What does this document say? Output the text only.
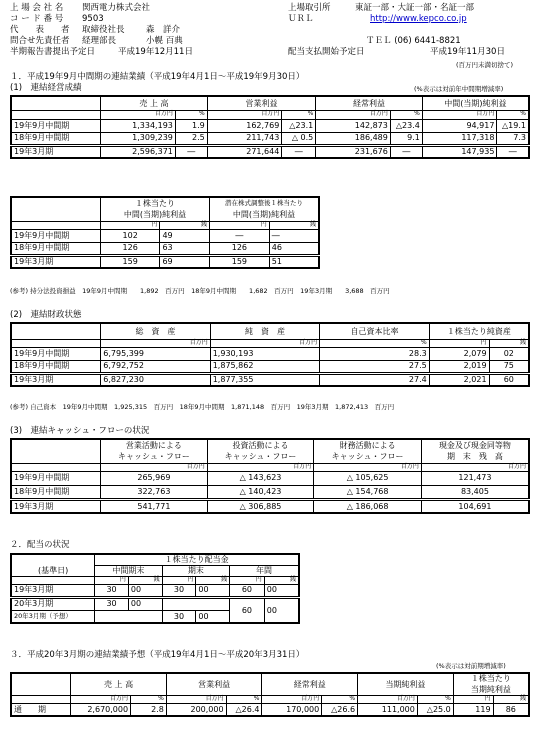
上 場 会 社 名 関西電力株式会社
コ ー ド 番 号 9503
代　　表　　者 取締役社長	森　詳介
問合せ先責任者 経理部長	小幌 百典
半期報告書提出予定日	平成19年12月11日
上場取引所	東証一部・大証一部・名証一部
ＵＲＬ	http://www.kepco.co.jp
ＴＥＬ (06) 6441-8821
配当支払開始予定日	平成19年11月30日
(百万円未満切捨て)
１．平成19年9月中間期の連結業績（平成19年4月1日～平成19年9月30日）
(1)　連結経営成績	(%表示は対前年中間期増減率)
	売 上 高		営業利益		経常利益		中間(当期)純利益	
	百万円	%	百万円	%	百万円	%	百万円	%
19年9月中間期	1,334,193	1.9	162,769	△23.1	142,873	△23.4	94,917	△19.1
18年9月中間期	1,309,239	2.5	211,743	△ 0.5	186,489	9.1	117,318	7.3
19年3月期	2,596,371	―	271,644	―	231,676	―	147,935	―
	１株当たり		潜在株式調整後１株当たり	
	中間(当期)純利益		中間(当期)純利益	
	円	銭	円	銭
19年9月中間期	102	49	―	―
18年9月中間期	126	63	126	46
19年3月期	159	69	159	51
(参考) 持分法投資損益　19年9月中間期　　1,892　百万円　18年9月中間期　　1,682　百万円　19年3月期　　3,688　百万円
(2)　連結財政状態
	総　資　産	純　資　産	自己資本比率	１株当たり純資産	
	百万円	百万円	%	円	銭
19年9月中間期	6,795,399	1,930,193	28.3	2,079	02
18年9月中間期	6,792,752	1,875,862	27.5	2,019	75
19年3月期	6,827,230	1,877,355	27.4	2,021	60
(参考) 自己資本　19年9月中間期　1,925,315　百万円　18年9月中間期　1,871,148　百万円　19年3月期　1,872,413　百万円
(3)　連結キャッシュ・フローの状況
	営業活動による	投資活動による	財務活動による	現金及び現金同等物
	キャッシュ・フロー	キャッシュ・フロー	キャッシュ・フロー	期　末　残　高
	百万円	百万円	百万円	百万円
19年9月中間期	265,969	△ 143,623	△ 105,625	121,473
18年9月中間期	322,763	△ 140,423	△ 154,768	83,405
19年3月期	541,771	△ 306,885	△ 186,068	104,691
２．配当の状況
	１株当たり配当金					
(基準日)	中間期末		期末		年間	
	円	銭	円	銭	円	銭
19年3月期	30	00	30	00	60	00
20年3月期	30	00			60	00
20年3月期（予想）			30	00		
３．平成20年3月期の連結業績予想（平成19年4月1日～平成20年3月31日）
(%表示は対前期増減率)
	売 上 高		営業利益		経常利益		当期純利益		１株当たり	
									当期純利益	
	百万円	%	百万円	%	百万円	%	百万円	%	円	銭
通　　期	2,670,000	2.8	200,000	△26.4	170,000	△26.6	111,000	△25.0	119	86
